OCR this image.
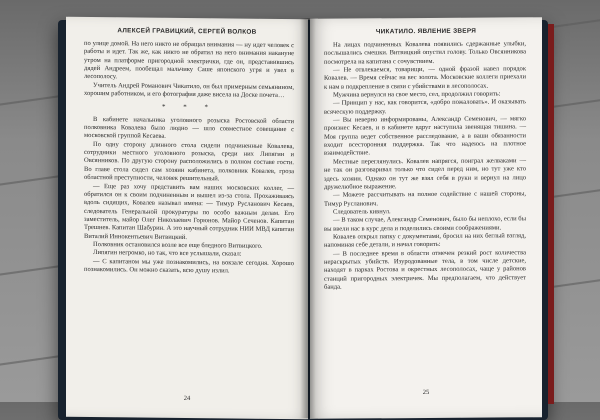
АЛЕКСЕЙ ГРАВИЦКИЙ, СЕРГЕЙ ВОЛКОВ

по улице домой. На него никто не обращал внимания — ну идет человек с работы и идет. Так же, как никто не обратил на него внимания накануне утром на платформе пригородной электрички, где он, представившись дядей Андреем, пообещал мальчику Саше японского угря и увел в лесополосу.

Учитель Андрей Романович Чикатило, он был примерным семьянином, хорошим работником, и его фотография даже висела на Доске почета…

* * *

В кабинете начальника уголовного розыска Ростовской области полковника Ковалева было людно — шло совместное совещание с московской группой Кесаева.

По одну сторону длинного стола сидели подчиненные Ковалева, сотрудники местного уголовного розыска, среди них Липягин и Овсянников. По другую сторону расположились в полном составе гости. Во главе стола сидел сам хозяин кабинета, полковник Ковалев, гроза областной преступности, человек решительный.

— Еще раз хочу представить вам наших московских коллег, — обратился он к своим подчиненным и вышел из-за стола. Прохаживаясь вдоль сидящих, Ковалев называл имена: — Тимур Русланович Кесаев, следователь Генеральной прокуратуры по особо важным делам. Его заместитель, майор Олег Николаевич Горюнов. Майор Сеченов. Капитан Трешнев. Капитан Шабурин. А это научный сотрудник НИИ МВД капитан Виталий Иннокентьевич Витвицкий.

Полковник остановился возле все еще бледного Витвицкого.

Липягин негромко, но так, что все услышали, сказал:

— С капитаном мы уже познакомились, на вокзале сегодня. Хорошо познакомились. Он можно сказать, всю душу излил.

24
ЧИКАТИЛО. ЯВЛЕНИЕ ЗВЕРЯ

На лицах подчиненных Ковалева появились сдержанные улыбки, послышались смешки. Витвицкий опустил голову. Только Овсянникова посмотрела на капитана с сочувствием.

— Не отвлекаемся, товарищи, — одной фразой навел порядок Ковалев. — Время сейчас на вес золота. Московские коллеги приехали к нам в подкрепление в связи с убийствами в лесополосах.

Мужчина вернулся на свое место, сел, продолжил говорить:

— Принцип у нас, как говорится, «добро пожаловать». И оказывать всяческую поддержку.

— Вы неверно информированы, Александр Семенович, — мягко произнес Кесаев, и в кабинете вдруг наступила звенящая тишина. — Моя группа ведет собственное расследование, а в ваши обязанности входит всесторонняя поддержка. Так что надеюсь на плотное взаимодействие.

Местные переглянулись. Ковалев напрягся, поиграл желваками — не так он разговаривал только что сидел перед ним, но тут уже кто здесь хозяин. Однако он тут же взял себя в руки и вернул на лицо дружелюбное выражение.

— Можете рассчитывать на полное содействие с нашей стороны, Тимур Русланович.

Следователь кивнул.

— В таком случае, Александр Семенович, было бы неплохо, если бы вы ввели нас в курс дела и поделились своими соображениями.

Ковалев открыл папку с документами, бросил на них беглый взгляд, напоминая себе детали, и начал говорить:

— В последнее время в области отмечен резкий рост количества нераскрытых убийств. Изуродованные тела, в том числе детские, находят в парках Ростова и окрестных лесополосах, чаще у районов станций пригородных электричек. Мы предполагаем, что действует банда.

25
